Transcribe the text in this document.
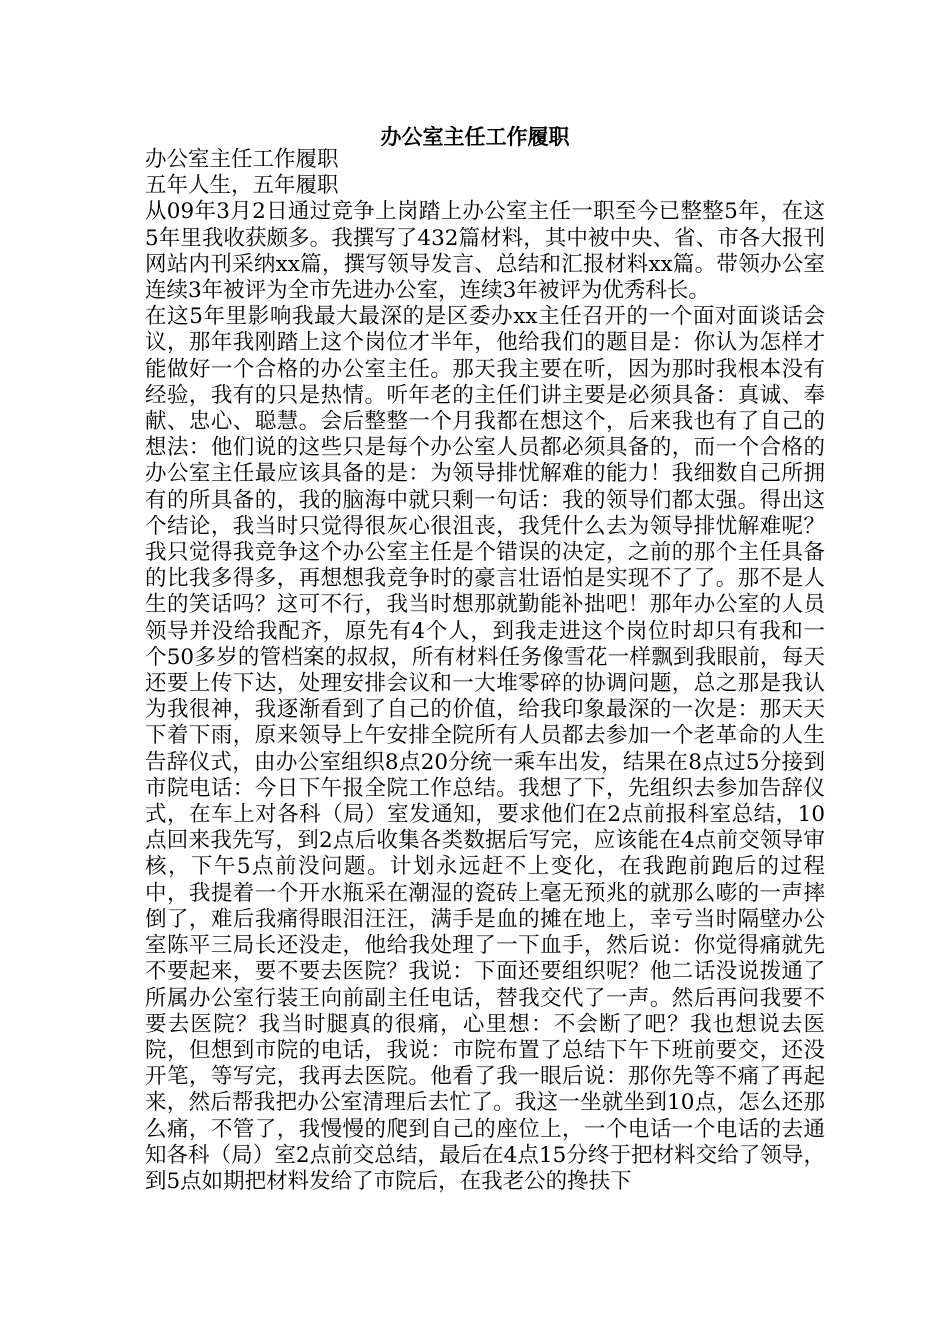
办公室主任工作履职

办公室主任工作履职

五年人生，五年履职

从09年3月2日通过竞争上岗踏上办公室主任一职至今已整整5年，在这5年里我收获颇多。我撰写了432篇材料，其中被中央、省、市各大报刊网站内刊采纳xx篇，撰写领导发言、总结和汇报材料xx篇。带领办公室连续3年被评为全市先进办公室，连续3年被评为优秀科长。

在这5年里影响我最大最深的是区委办xx主任召开的一个面对面谈话会议，那年我刚踏上这个岗位才半年，他给我们的题目是：你认为怎样才能做好一个合格的办公室主任。那天我主要在听，因为那时我根本没有经验，我有的只是热情。听年老的主任们讲主要是必须具备：真诚、奉献、忠心、聪慧。会后整整一个月我都在想这个，后来我也有了自己的想法：他们说的这些只是每个办公室人员都必须具备的，而一个合格的办公室主任最应该具备的是：为领导排忧解难的能力！我细数自己所拥有的所具备的，我的脑海中就只剩一句话：我的领导们都太强。得出这个结论，我当时只觉得很灰心很沮丧，我凭什么去为领导排忧解难呢？我只觉得我竞争这个办公室主任是个错误的决定，之前的那个主任具备的比我多得多，再想想我竞争时的豪言壮语怕是实现不了了。那不是人生的笑话吗？这可不行，我当时想那就勤能补拙吧！那年办公室的人员领导并没给我配齐，原先有4个人，到我走进这个岗位时却只有我和一个50多岁的管档案的叔叔，所有材料任务像雪花一样飘到我眼前，每天还要上传下达，处理安排会议和一大堆零碎的协调问题，总之那是我认为我很神，我逐渐看到了自己的价值，给我印象最深的一次是：那天天下着下雨，原来领导上午安排全院所有人员都去参加一个老革命的人生告辞仪式，由办公室组织8点20分统一乘车出发，结果在8点过5分接到市院电话：今日下午报全院工作总结。我想了下，先组织去参加告辞仪式，在车上对各科（局）室发通知，要求他们在2点前报科室总结，10点回来我先写，到2点后收集各类数据后写完，应该能在4点前交领导审核，下午5点前没问题。计划永远赶不上变化，在我跑前跑后的过程中，我提着一个开水瓶采在潮湿的瓷砖上毫无预兆的就那么嘭的一声摔倒了，难后我痛得眼泪汪汪，满手是血的摊在地上，幸亏当时隔壁办公室陈平三局长还没走，他给我处理了一下血手，然后说：你觉得痛就先不要起来，要不要去医院？我说：下面还要组织呢？他二话没说拨通了所属办公室行装王向前副主任电话，替我交代了一声。然后再问我要不要去医院？我当时腿真的很痛，心里想：不会断了吧？我也想说去医院，但想到市院的电话，我说：市院布置了总结下午下班前要交，还没开笔，等写完，我再去医院。他看了我一眼后说：那你先等不痛了再起来，然后帮我把办公室清理后去忙了。我这一坐就坐到10点，怎么还那么痛，不管了，我慢慢的爬到自己的座位上，一个电话一个电话的去通知各科（局）室2点前交总结，最后在4点15分终于把材料交给了领导，到5点如期把材料发给了市院后，在我老公的搀扶下
